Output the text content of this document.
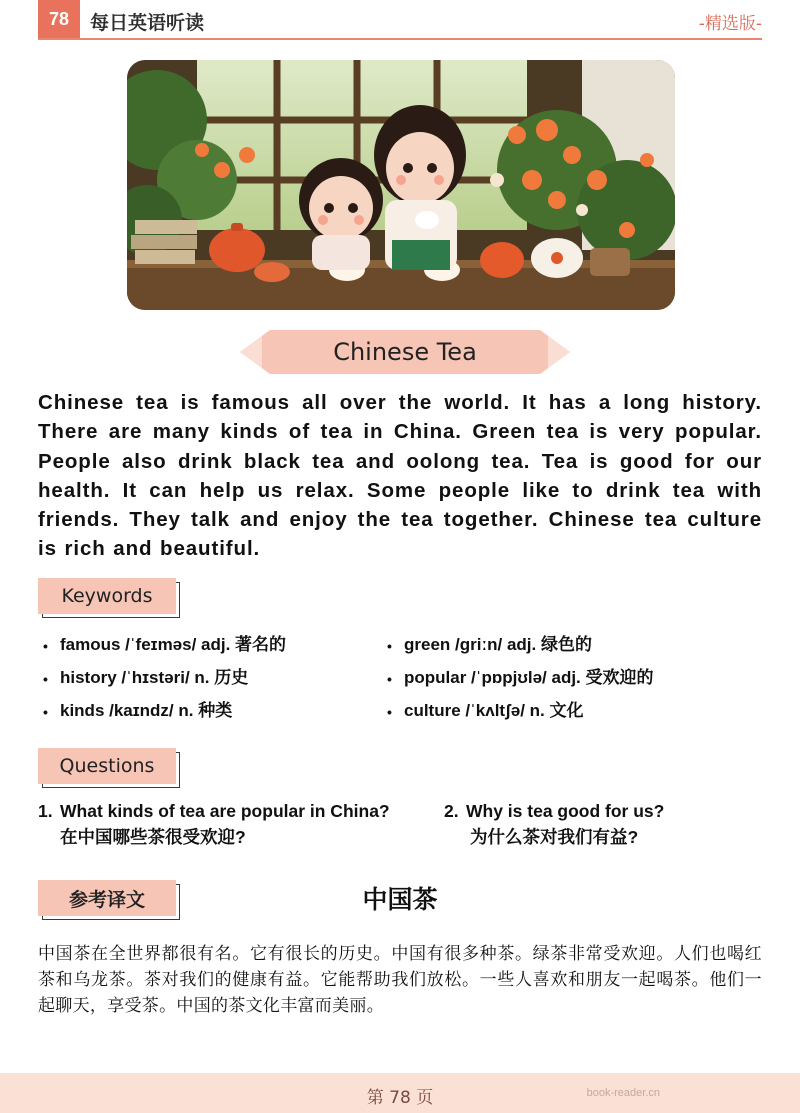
78	每日英语听读	-精选版-
Chinese Tea

Chinese tea is famous all over the world. It has a long history. There are many kinds of tea in China. Green tea is very popular. People also drink black tea and oolong tea. Tea is good for our health. It can help us relax. Some people like to drink tea with friends. They talk and enjoy the tea together. Chinese tea culture is rich and beautiful.

Keywords
• famous /ˈfeɪməs/ adj. 著名的
• history /ˈhɪstəri/ n. 历史
• kinds /kaɪndz/ n. 种类
• green /ɡriːn/ adj. 绿色的
• popular /ˈpɒpjʊlə/ adj. 受欢迎的
• culture /ˈkʌltʃə/ n. 文化
Questions
1. What kinds of tea are popular in China?
在中国哪些茶很受欢迎?
2. Why is tea good for us?
为什么茶对我们有益?
参考译文	中国茶

中国茶在全世界都很有名。它有很长的历史。中国有很多种茶。绿茶非常受欢迎。人们也喝红茶和乌龙茶。茶对我们的健康有益。它能帮助我们放松。一些人喜欢和朋友一起喝茶。他们一起聊天，享受茶。中国的茶文化丰富而美丽。

第 78 页	book-reader.cn
